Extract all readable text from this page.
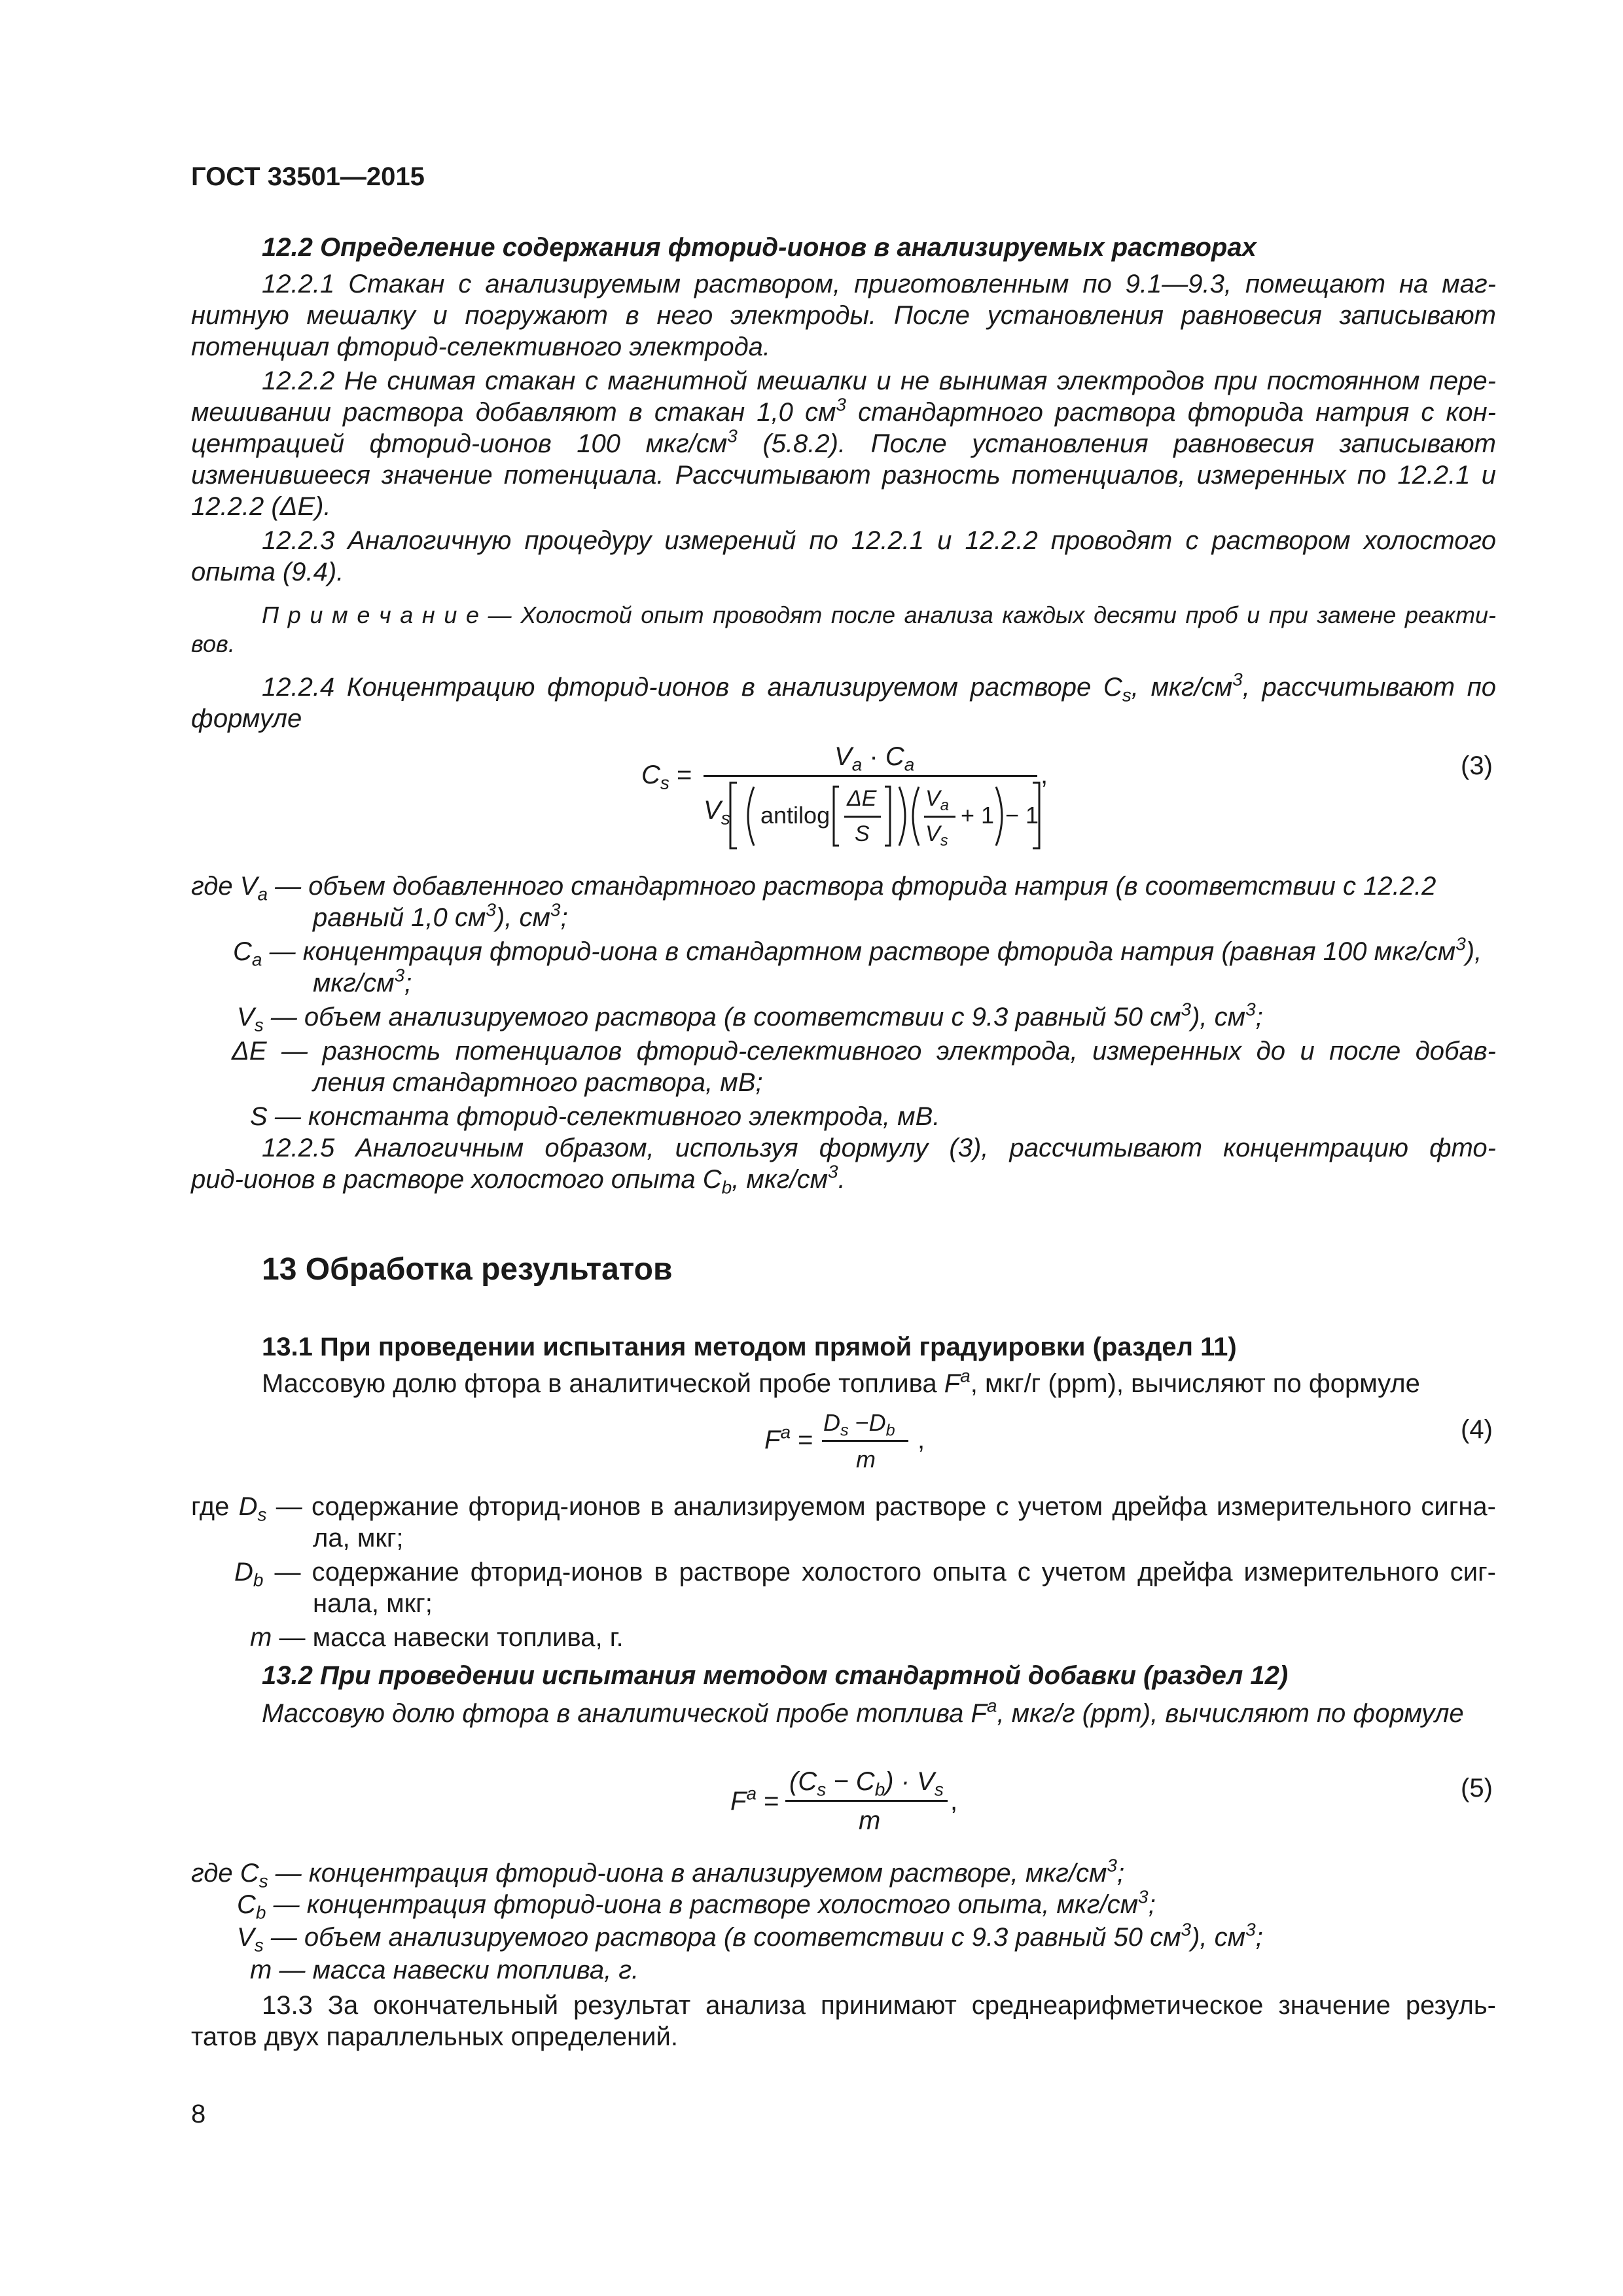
ГОСТ 33501—2015
12.2 Определение содержания фторид-ионов в анализируемых растворах
12.2.1 Стакан с анализируемым раствором, приготовленным по 9.1—9.3, помещают на маг-
нитную мешалку и погружают в него электроды. После установления равновесия записывают
потенциал фторид-селективного электрода.
12.2.2 Не снимая стакан с магнитной мешалки и не вынимая электродов при постоянном пере-
мешивании раствора добавляют в стакан 1,0 $см^3$ стандартного раствора фторида натрия с кон-
центрацией фторид-ионов 100 мкг/$см^3$ (5.8.2). После установления равновесия записывают
изменившееся значение потенциала. Рассчитывают разность потенциалов, измеренных по 12.2.1 и
12.2.2 (ΔE).
12.2.3 Аналогичную процедуру измерений по 12.2.1 и 12.2.2 проводят с раствором холостого
опыта (9.4).
П р и м е ч а н и е — Холостой опыт проводят после анализа каждых десяти проб и при замене реакти-
вов.
12.2.4 Концентрацию фторид-ионов в анализируемом растворе $C_s$, мкг/$см^3$, рассчитывают по
формуле
$C_s$ =
$V_a \cdot C_a$
$V_s$ antilog
ΔE
S
$V_a$
$V_s$
+ 1 − 1
,	(3)
где $V_a$ — объем добавленного стандартного раствора фторида натрия (в соответствии с 12.2.2
равный 1,0 $см^3$), $см^3$;
$C_a$ — концентрация фторид-иона в стандартном растворе фторида натрия (равная 100 мкг/$см^3$),
мкг/$см^3$;
$V_s$ — объем анализируемого раствора (в соответствии с 9.3 равный 50 $см^3$), $см^3$;
ΔE — разность потенциалов фторид-селективного электрода, измеренных до и после добав-
ления стандартного раствора, мВ;
S — константа фторид-селективного электрода, мВ.
12.2.5 Аналогичным образом, используя формулу (3), рассчитывают концентрацию фто-
рид-ионов в растворе холостого опыта $C_b$, мкг/$см^3$.
13 Обработка результатов
13.1 При проведении испытания методом прямой градуировки (раздел 11)
Массовую долю фтора в аналитической пробе топлива $F^a$, мкг/г (ppm), вычисляют по формуле
$F^a$ =
$D_s -D_b$
m
,	(4)
где $D_s$ — содержание фторид-ионов в анализируемом растворе с учетом дрейфа измерительного сигна-
ла, мкг;
$D_b$ — содержание фторид-ионов в растворе холостого опыта с учетом дрейфа измерительного сиг-
нала, мкг;
m — масса навески топлива, г.
13.2 При проведении испытания методом стандартной добавки (раздел 12)
Массовую долю фтора в аналитической пробе топлива $F^a$, мкг/г (ppm), вычисляют по формуле
$F^a$ =
$(C_s - C_b) \cdot V_s$
m
,	(5)
где $C_s$ — концентрация фторид-иона в анализируемом растворе, мкг/$см^3$;
$C_b$ — концентрация фторид-иона в растворе холостого опыта, мкг/$см^3$;
$V_s$ — объем анализируемого раствора (в соответствии с 9.3 равный 50 $см^3$), $см^3$;
m — масса навески топлива, г.
13.3 За окончательный результат анализа принимают среднеарифметическое значение резуль-
татов двух параллельных определений.
8
